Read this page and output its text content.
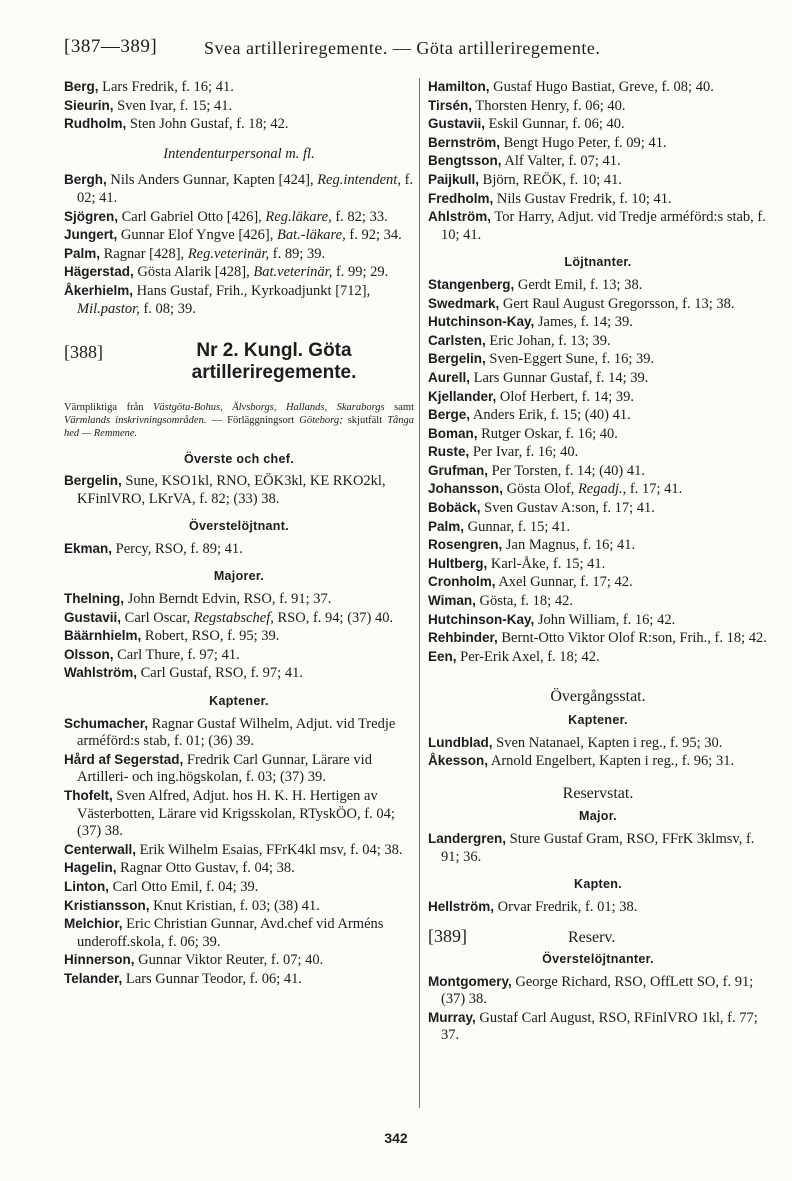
[387—389]	Svea artilleriregemente. — Göta artilleriregemente.

Berg, Lars Fredrik, f. 16; 41.

Sieurin, Sven Ivar, f. 15; 41.

Rudholm, Sten John Gustaf, f. 18; 42.

Intendenturpersonal m. fl.

Bergh, Nils Anders Gunnar, Kapten [424], Reg.intendent, f. 02; 41.

Sjögren, Carl Gabriel Otto [426], Reg.läkare, f. 82; 33.

Jungert, Gunnar Elof Yngve [426], Bat.-läkare, f. 92; 34.

Palm, Ragnar [428], Reg.veterinär, f. 89; 39.

Hägerstad, Gösta Alarik [428], Bat.veterinär, f. 99; 29.

Åkerhielm, Hans Gustaf, Frih., Kyrkoadjunkt [712], Mil.pastor, f. 08; 39.

[388]	Nr 2. Kungl. Göta artilleriregemente.
Värnpliktiga från Västgöta-Bohus, Älvsborgs, Hallands, Skaraborgs samt Värmlands inskrivningsområden. — Förläggningsort Göteborg; skjutfält Tånga hed — Remmene.
Överste och chef.

Bergelin, Sune, KSO1kl, RNO, EÖK3kl, KE RKO2kl, KFinlVRO, LKrVA, f. 82; (33) 38.

Överstelöjtnant.

Ekman, Percy, RSO, f. 89; 41.

Majorer.

Thelning, John Berndt Edvin, RSO, f. 91; 37.

Gustavii, Carl Oscar, Regstabschef, RSO, f. 94; (37) 40.

Bäärnhielm, Robert, RSO, f. 95; 39.

Olsson, Carl Thure, f. 97; 41.

Wahlström, Carl Gustaf, RSO, f. 97; 41.

Kaptener.

Schumacher, Ragnar Gustaf Wilhelm, Adjut. vid Tredje arméförd:s stab, f. 01; (36) 39.

Hård af Segerstad, Fredrik Carl Gunnar, Lärare vid Artilleri- och ing.högskolan, f. 03; (37) 39.

Thofelt, Sven Alfred, Adjut. hos H. K. H. Hertigen av Västerbotten, Lärare vid Krigsskolan, RTyskÖO, f. 04; (37) 38.

Centerwall, Erik Wilhelm Esaias, FFrK4kl msv, f. 04; 38.

Hagelin, Ragnar Otto Gustav, f. 04; 38.

Linton, Carl Otto Emil, f. 04; 39.

Kristiansson, Knut Kristian, f. 03; (38) 41.

Melchior, Eric Christian Gunnar, Avd.chef vid Arméns underoff.skola, f. 06; 39.

Hinnerson, Gunnar Viktor Reuter, f. 07; 40.

Telander, Lars Gunnar Teodor, f. 06; 41.

Hamilton, Gustaf Hugo Bastiat, Greve, f. 08; 40.

Tirsén, Thorsten Henry, f. 06; 40.

Gustavii, Eskil Gunnar, f. 06; 40.

Bernström, Bengt Hugo Peter, f. 09; 41.

Bengtsson, Alf Valter, f. 07; 41.

Paijkull, Björn, REÖK, f. 10; 41.

Fredholm, Nils Gustav Fredrik, f. 10; 41.

Ahlström, Tor Harry, Adjut. vid Tredje arméförd:s stab, f. 10; 41.

Löjtnanter.

Stangenberg, Gerdt Emil, f. 13; 38.

Swedmark, Gert Raul August Gregorsson, f. 13; 38.

Hutchinson-Kay, James, f. 14; 39.

Carlsten, Eric Johan, f. 13; 39.

Bergelin, Sven-Eggert Sune, f. 16; 39.

Aurell, Lars Gunnar Gustaf, f. 14; 39.

Kjellander, Olof Herbert, f. 14; 39.

Berge, Anders Erik, f. 15; (40) 41.

Boman, Rutger Oskar, f. 16; 40.

Ruste, Per Ivar, f. 16; 40.

Grufman, Per Torsten, f. 14; (40) 41.

Johansson, Gösta Olof, Regadj., f. 17; 41.

Bobäck, Sven Gustav A:son, f. 17; 41.

Palm, Gunnar, f. 15; 41.

Rosengren, Jan Magnus, f. 16; 41.

Hultberg, Karl-Åke, f. 15; 41.

Cronholm, Axel Gunnar, f. 17; 42.

Wiman, Gösta, f. 18; 42.

Hutchinson-Kay, John William, f. 16; 42.

Rehbinder, Bernt-Otto Viktor Olof R:son, Frih., f. 18; 42.

Een, Per-Erik Axel, f. 18; 42.

Övergångsstat.
Kaptener.

Lundblad, Sven Natanael, Kapten i reg., f. 95; 30.

Åkesson, Arnold Engelbert, Kapten i reg., f. 96; 31.

Reservstat.
Major.

Landergren, Sture Gustaf Gram, RSO, FFrK 3klmsv, f. 91; 36.

Kapten.

Hellström, Orvar Fredrik, f. 01; 38.

[389]	Reserv.
Överstelöjtnanter.

Montgomery, George Richard, RSO, OffLett SO, f. 91; (37) 38.

Murray, Gustaf Carl August, RSO, RFinlVRO 1kl, f. 77; 37.

342
